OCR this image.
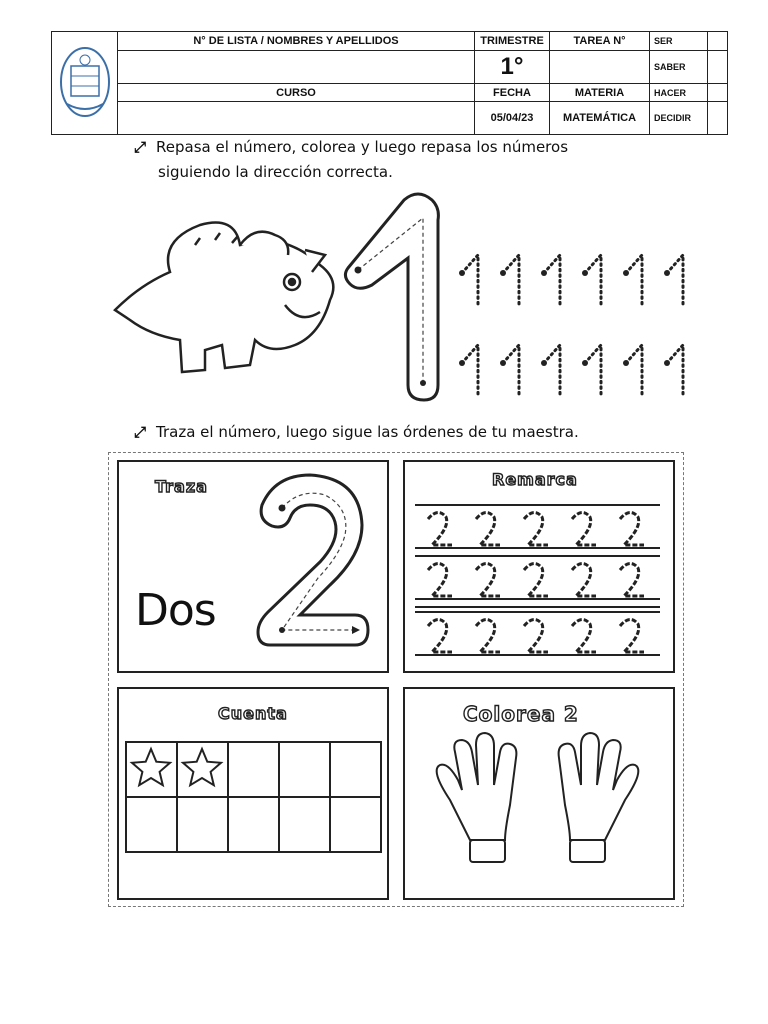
	N° DE LISTA / NOMBRES Y APELLIDOS	TRIMESTRE	TAREA N°	SER	
		1°		SABER	
	CURSO	FECHA	MATERIA	HACER	
		05/04/23	MATEMÁTICA	DECIDIR	
⤢ Repasa el número, colorea y luego repasa los números
siguiendo la dirección correcta.
⤢ Traza el número, luego sigue las órdenes de tu maestra.
Traza
Dos
Remarca
Cuenta	Colorea 2
